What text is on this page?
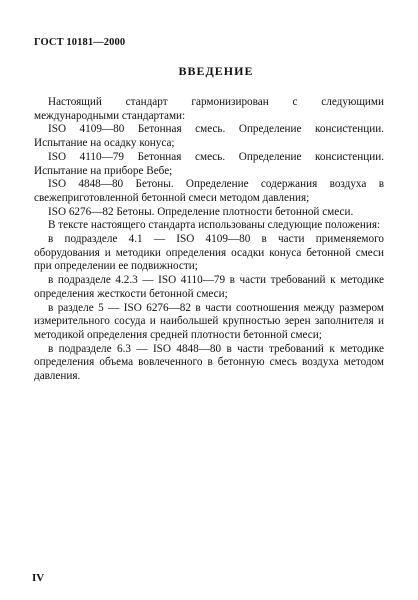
ГОСТ 10181—2000
ВВЕДЕНИЕ

Настоящий стандарт гармонизирован с следующими международными стандартами:

ISO 4109—80 Бетонная смесь. Определение консистенции. Испытание на осадку конуса;

ISO 4110—79 Бетонная смесь. Определение консистенции. Испытание на приборе Вебе;

ISO 4848—80 Бетоны. Определение содержания воздуха в свежеприготовленной бетонной смеси методом давления;

ISO 6276—82 Бетоны. Определение плотности бетонной смеси.

В тексте настоящего стандарта использованы следующие положения:

в подразделе 4.1 — ISO 4109—80 в части применяемого оборудования и методики определения осадки конуса бетонной смеси при определении ее подвижности;

в подразделе 4.2.3 — ISO 4110—79 в части требований к методике определения жесткости бетонной смеси;

в разделе 5 — ISO 6276—82 в части соотношения между размером измерительного сосуда и наибольшей крупностью зерен заполнителя и методикой определения средней плотности бетонной смеси;

в подразделе 6.3 — ISO 4848—80 в части требований к методике определения объема вовлеченного в бетонную смесь воздуха методом давления.

IV
